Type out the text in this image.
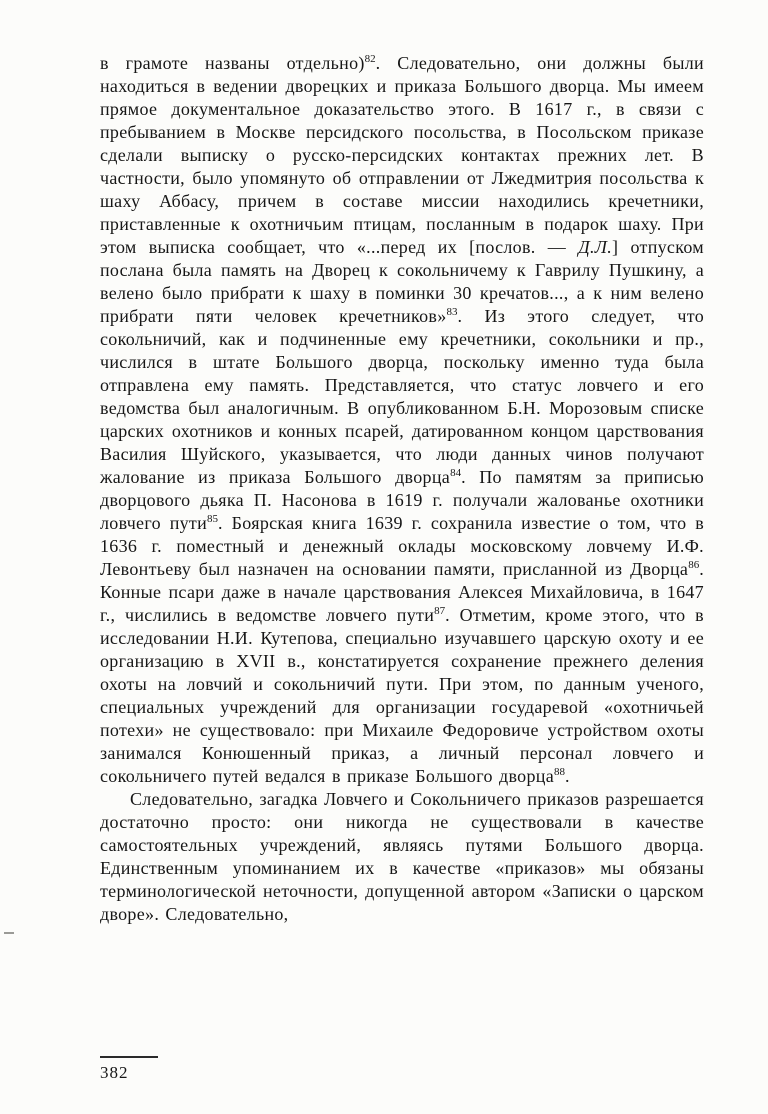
в грамоте названы отдельно)$^{82}$. Следовательно, они должны были находиться в ведении дворецких и приказа Большого дворца. Мы имеем прямое документальное доказательство этого. В 1617 г., в связи с пребыванием в Москве персидского посольства, в Посольском приказе сделали выписку о русско-персидских контактах прежних лет. В частности, было упомянуто об отправлении от Лжедмитрия посольства к шаху Аббасу, причем в составе миссии находились кречетники, приставленные к охотничьим птицам, посланным в подарок шаху. При этом выписка сообщает, что «...перед их [послов. — Д.Л.] отпуском послана была память на Дворец к сокольничему к Гаврилу Пушкину, а велено было прибрати к шаху в поминки 30 кречатов..., а к ним велено прибрати пяти человек кречетников»$^{83}$. Из этого следует, что сокольничий, как и подчиненные ему кречетники, сокольники и пр., числился в штате Большого дворца, поскольку именно туда была отправлена ему память. Представляется, что статус ловчего и его ведомства был аналогичным. В опубликованном Б.Н. Морозовым списке царских охотников и конных псарей, датированном концом царствования Василия Шуйского, указывается, что люди данных чинов получают жалование из приказа Большого дворца$^{84}$. По памятям за приписью дворцового дьяка П. Насонова в 1619 г. получали жалованье охотники ловчего пути$^{85}$. Боярская книга 1639 г. сохранила известие о том, что в 1636 г. поместный и денежный оклады московскому ловчему И.Ф. Левонтьеву был назначен на основании памяти, присланной из Дворца$^{86}$. Конные псари даже в начале царствования Алексея Михайловича, в 1647 г., числились в ведомстве ловчего пути$^{87}$. Отметим, кроме этого, что в исследовании Н.И. Кутепова, специально изучавшего царскую охоту и ее организацию в XVII в., констатируется сохранение прежнего деления охоты на ловчий и сокольничий пути. При этом, по данным ученого, специальных учреждений для организации государевой «охотничьей потехи» не существовало: при Михаиле Федоровиче устройством охоты занимался Конюшенный приказ, а личный персонал ловчего и сокольничего путей ведался в приказе Большого дворца$^{88}$.

Следовательно, загадка Ловчего и Сокольничего приказов разрешается достаточно просто: они никогда не существовали в качестве самостоятельных учреждений, являясь путями Большого дворца. Единственным упоминанием их в качестве «приказов» мы обязаны терминологической неточности, допущенной автором «Записки о царском дворе». Следовательно,

382
